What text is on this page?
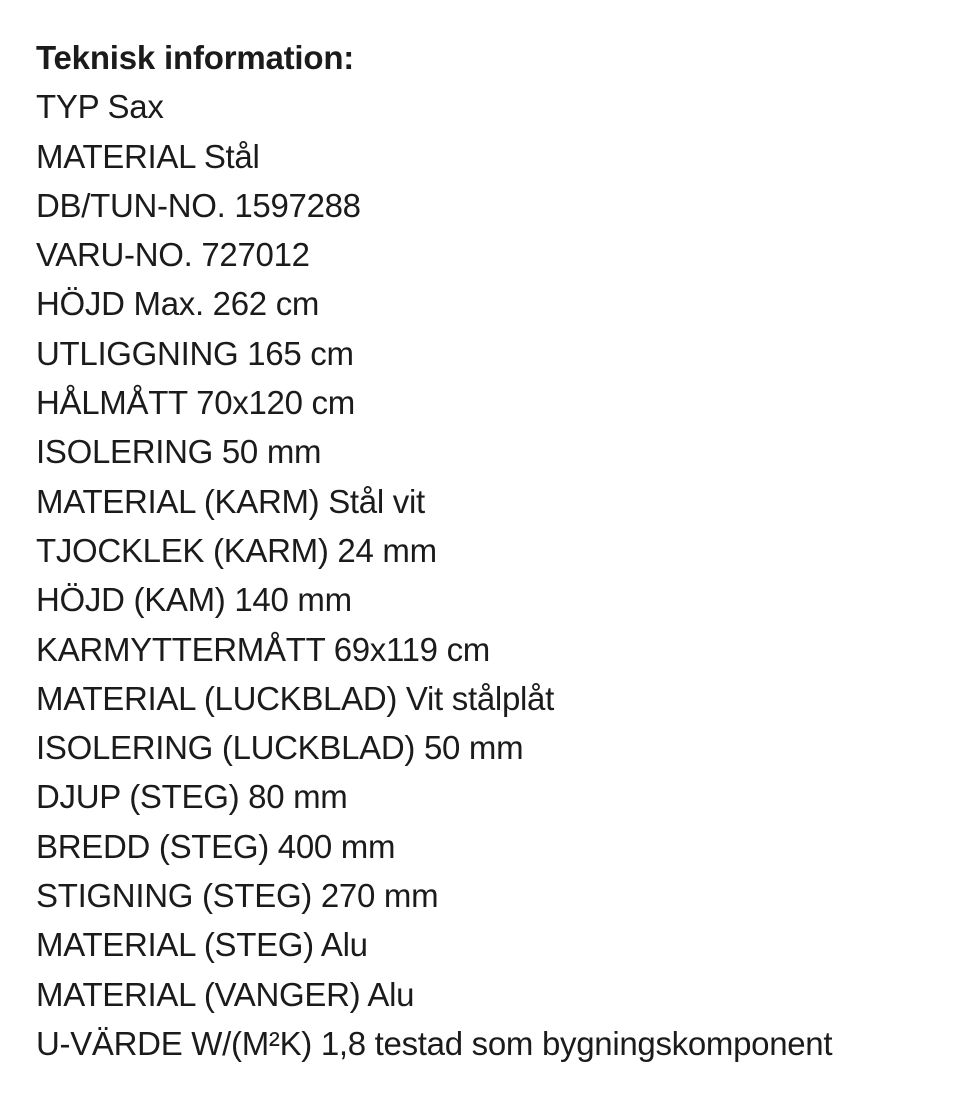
Teknisk information:
TYP Sax
MATERIAL Stål
DB/TUN-NO. 1597288
VARU-NO. 727012
HÖJD Max. 262 cm
UTLIGGNING 165 cm
HÅLMÅTT 70x120 cm
ISOLERING 50 mm
MATERIAL (KARM) Stål vit
TJOCKLEK (KARM) 24 mm
HÖJD (KAM) 140 mm
KARMYTTERMÅTT 69x119 cm
MATERIAL (LUCKBLAD) Vit stålplåt
ISOLERING (LUCKBLAD) 50 mm
DJUP (STEG) 80 mm
BREDD (STEG) 400 mm
STIGNING (STEG) 270 mm
MATERIAL (STEG) Alu
MATERIAL (VANGER) Alu
U-VÄRDE W/(M²K) 1,8 testad som bygningskomponent
